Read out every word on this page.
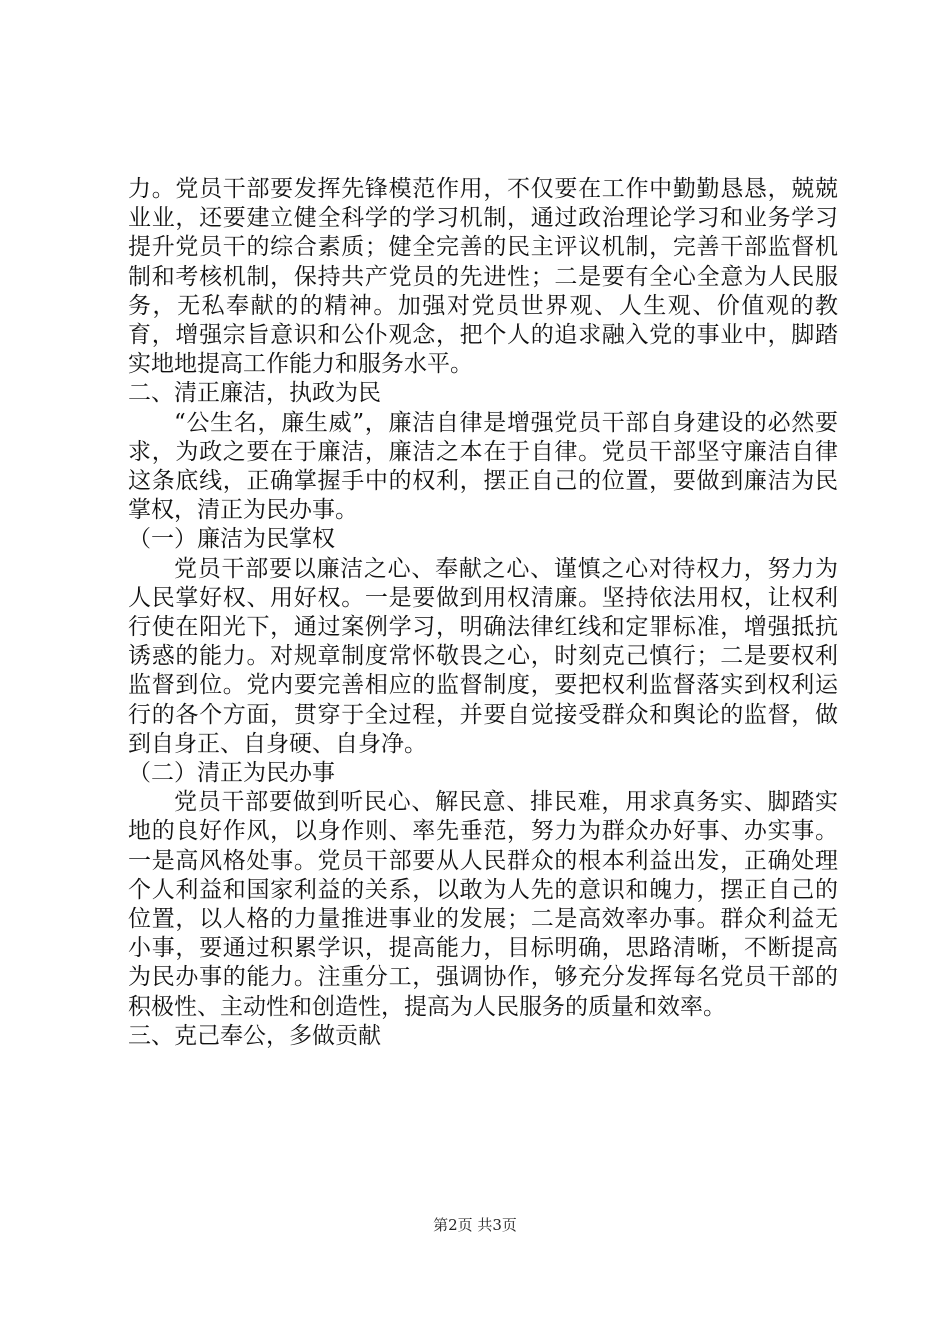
力。党员干部要发挥先锋模范作用，不仅要在工作中勤勤恳恳，兢兢业业，还要建立健全科学的学习机制，通过政治理论学习和业务学习提升党员干的综合素质；健全完善的民主评议机制，完善干部监督机制和考核机制，保持共产党员的先进性；二是要有全心全意为人民服务，无私奉献的的精神。加强对党员世界观、人生观、价值观的教育，增强宗旨意识和公仆观念，把个人的追求融入党的事业中，脚踏实地地提高工作能力和服务水平。

二、清正廉洁，执政为民

“公生名，廉生威”，廉洁自律是增强党员干部自身建设的必然要求，为政之要在于廉洁，廉洁之本在于自律。党员干部坚守廉洁自律这条底线，正确掌握手中的权利，摆正自己的位置，要做到廉洁为民掌权，清正为民办事。

（一）廉洁为民掌权

党员干部要以廉洁之心、奉献之心、谨慎之心对待权力，努力为人民掌好权、用好权。一是要做到用权清廉。坚持依法用权，让权利行使在阳光下，通过案例学习，明确法律红线和定罪标准，增强抵抗诱惑的能力。对规章制度常怀敬畏之心，时刻克己慎行；二是要权利监督到位。党内要完善相应的监督制度，要把权利监督落实到权利运行的各个方面，贯穿于全过程，并要自觉接受群众和舆论的监督，做到自身正、自身硬、自身净。

（二）清正为民办事

党员干部要做到听民心、解民意、排民难，用求真务实、脚踏实地的良好作风，以身作则、率先垂范，努力为群众办好事、办实事。一是高风格处事。党员干部要从人民群众的根本利益出发，正确处理个人利益和国家利益的关系，以敢为人先的意识和魄力，摆正自己的位置，以人格的力量推进事业的发展；二是高效率办事。群众利益无小事，要通过积累学识，提高能力，目标明确，思路清晰，不断提高为民办事的能力。注重分工，强调协作，够充分发挥每名党员干部的积极性、主动性和创造性，提高为人民服务的质量和效率。

三、克己奉公，多做贡献

第2页 共3页
